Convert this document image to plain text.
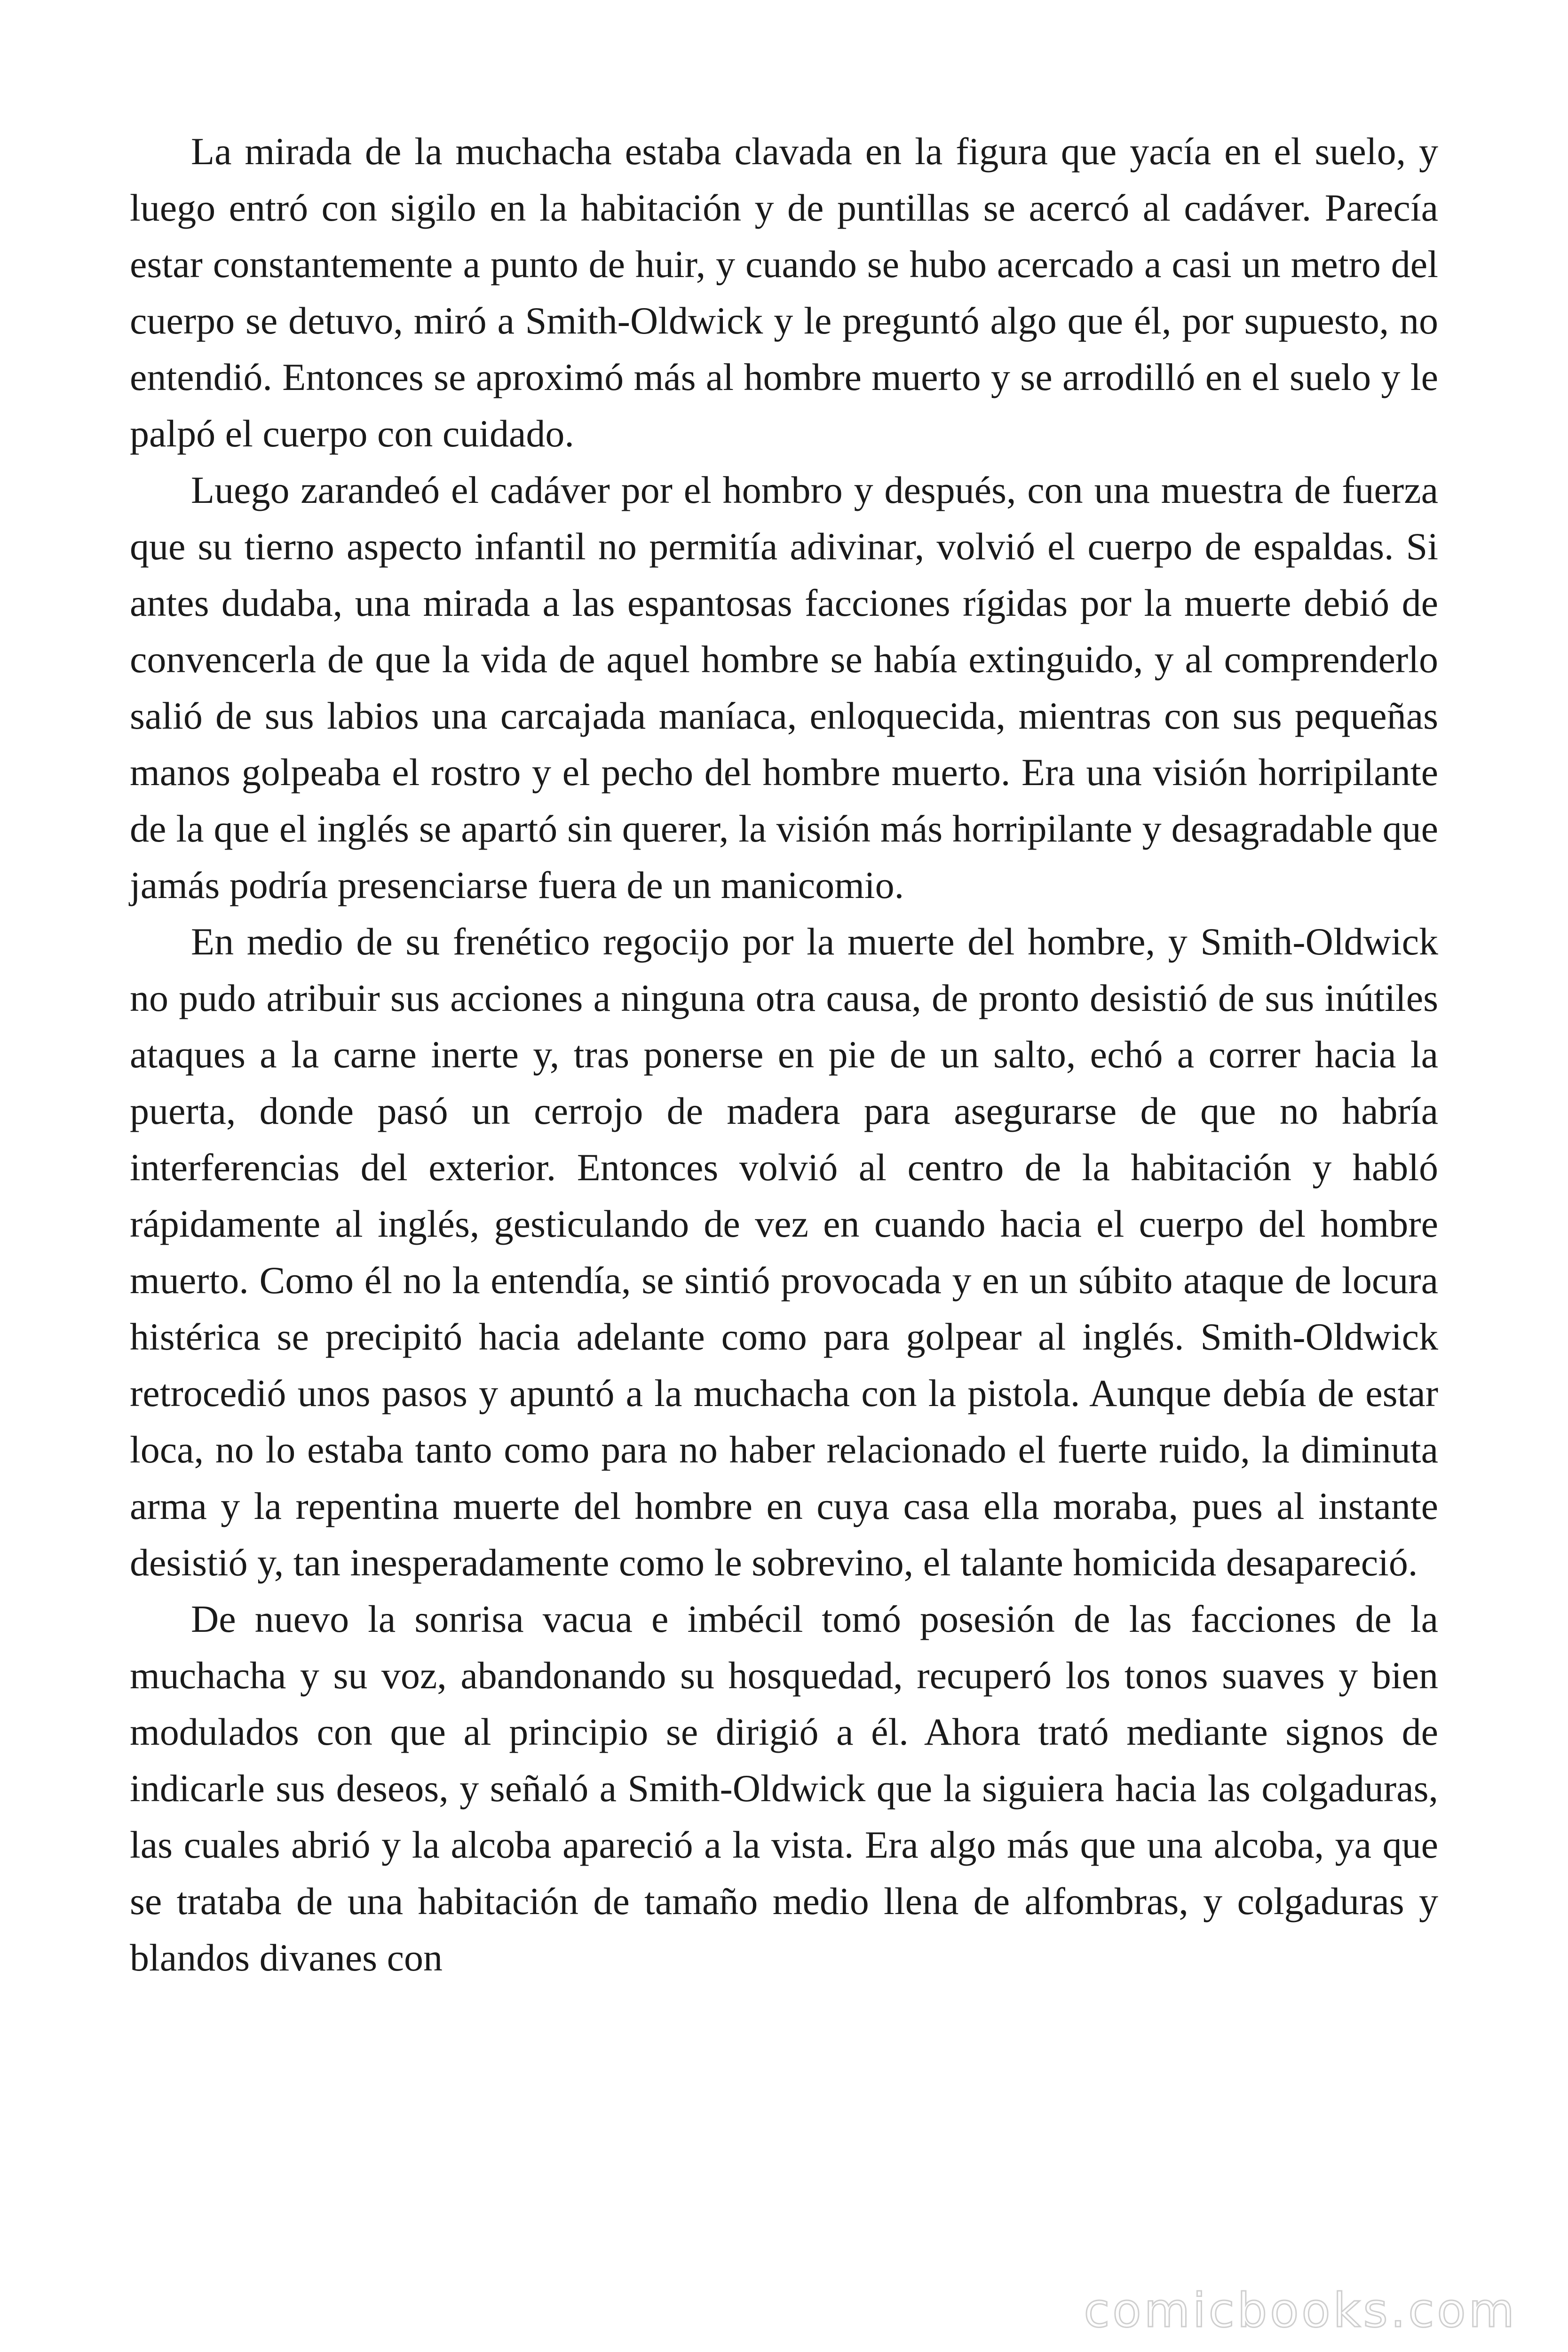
La mirada de la muchacha estaba clavada en la figura que yacía en el suelo, y luego entró con sigilo en la habitación y de puntillas se acercó al cadáver. Parecía estar constantemente a punto de huir, y cuando se hubo acercado a casi un metro del cuerpo se detuvo, miró a Smith-Oldwick y le preguntó algo que él, por supuesto, no entendió. Entonces se aproximó más al hombre muerto y se arrodilló en el suelo y le palpó el cuerpo con cuidado.

Luego zarandeó el cadáver por el hombro y después, con una muestra de fuerza que su tierno aspecto infantil no permitía adivinar, volvió el cuerpo de espaldas. Si antes dudaba, una mirada a las espantosas facciones rígidas por la muerte debió de convencerla de que la vida de aquel hombre se había extinguido, y al comprenderlo salió de sus labios una carcajada maníaca, enloquecida, mientras con sus pequeñas manos golpeaba el rostro y el pecho del hombre muerto. Era una visión horripilante de la que el inglés se apartó sin querer, la visión más horripilante y desagradable que jamás podría presenciarse fuera de un manicomio.

En medio de su frenético regocijo por la muerte del hombre, y Smith-Oldwick no pudo atribuir sus acciones a ninguna otra causa, de pronto desistió de sus inútiles ataques a la carne inerte y, tras ponerse en pie de un salto, echó a correr hacia la puerta, donde pasó un cerrojo de madera para asegurarse de que no habría interferencias del exterior. Entonces volvió al centro de la habitación y habló rápidamente al inglés, gesticulando de vez en cuando hacia el cuerpo del hombre muerto. Como él no la entendía, se sintió provocada y en un súbito ataque de locura histérica se precipitó hacia adelante como para golpear al inglés. Smith-Oldwick retrocedió unos pasos y apuntó a la muchacha con la pistola. Aunque debía de estar loca, no lo estaba tanto como para no haber relacionado el fuerte ruido, la diminuta arma y la repentina muerte del hombre en cuya casa ella moraba, pues al instante desistió y, tan inesperadamente como le sobrevino, el talante homicida desapareció.

De nuevo la sonrisa vacua e imbécil tomó posesión de las facciones de la muchacha y su voz, abandonando su hosquedad, recuperó los tonos suaves y bien modulados con que al principio se dirigió a él. Ahora trató mediante signos de indicarle sus deseos, y señaló a Smith-Oldwick que la siguiera hacia las colgaduras, las cuales abrió y la alcoba apareció a la vista. Era algo más que una alcoba, ya que se trataba de una habitación de tamaño medio llena de alfombras, y colgaduras y blandos divanes con

comicbooks.com
